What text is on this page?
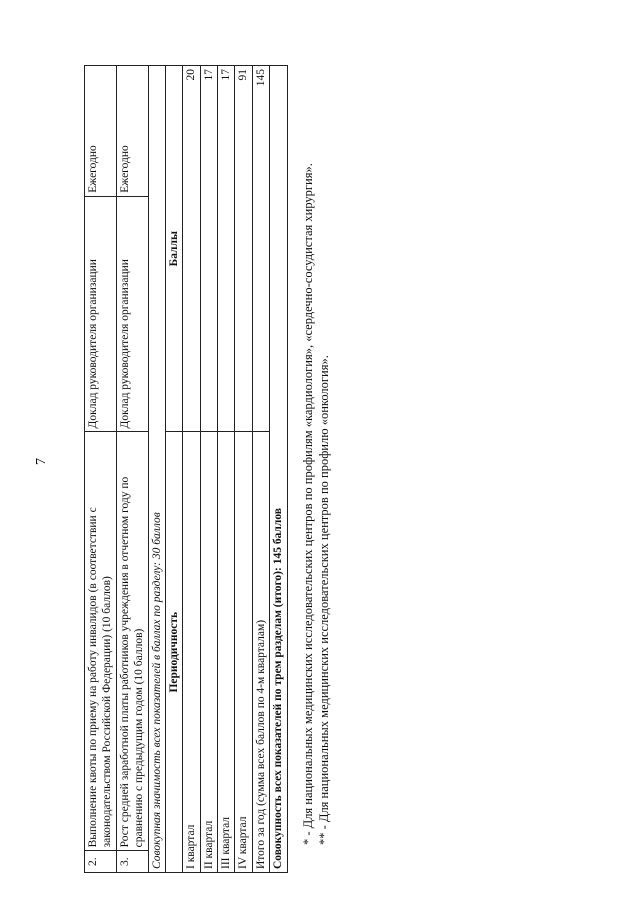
7
2.	Выполнение квоты по приему на работу инвалидов (в соответствии с законодательством Российской Федерации) (10 баллов)	Доклад руководителя организации	Ежегодно
3.	Рост средней заработной платы работников учреждения в отчетном году по сравнению с предыдущим годом (10 баллов)	Доклад руководителя организации	Ежегодно
Совокупная значимость всех показателей в баллах по разделу: 30 баллов			
Периодичность		Баллы	
I квартал		20	
II квартал		17	
III квартал		17	
IV квартал		91	
Итого за год (сумма всех баллов по 4-м кварталам)		145	
Совокупность всех показателей по трем разделам (итого): 145 баллов			* - Для национальных медицинских исследовательских центров по профилям «кардиология», «сердечно-сосудистая хирургия». ** - Для национальных медицинских исследовательских центров по профилю «онкология».
